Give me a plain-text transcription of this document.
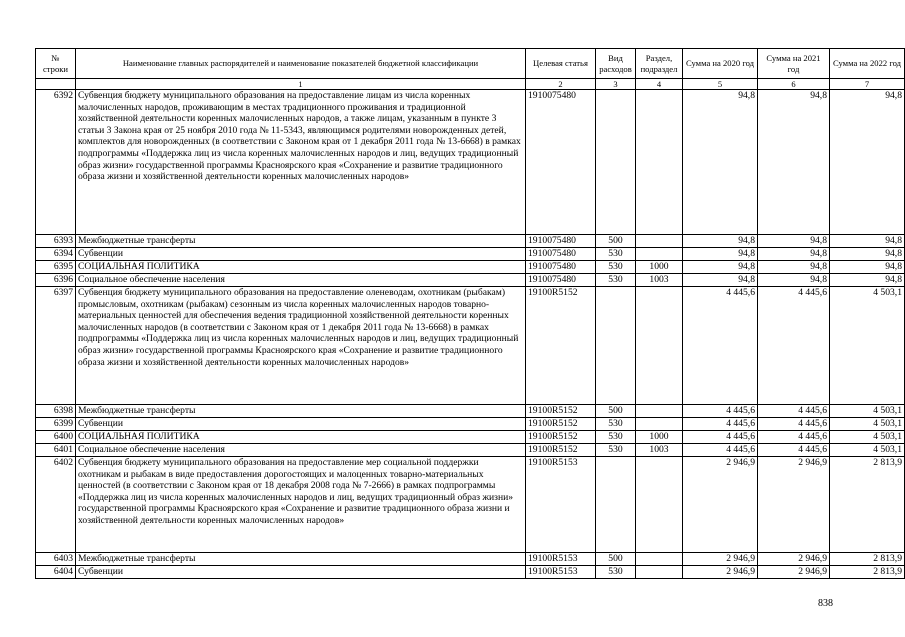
№ строки	Наименование главных распорядителей и наименование показателей бюджетной классификации	Целевая статья	Вид расходов	Раздел, подраздел	Сумма на 2020 год	Сумма на 2021 год	Сумма на 2022 год
	1	2	3	4	5	6	7
6392	Субвенция бюджету муниципального образования на предоставление лицам из числа коренных малочисленных народов, проживающим в местах традиционного проживания и традиционной хозяйственной деятельности коренных малочисленных народов, а также лицам, указанным в пункте 3 статьи 3 Закона края от 25 ноября 2010 года № 11-5343, являющимся родителями новорожденных детей, комплектов для новорожденных (в соответствии с Законом края от 1 декабря 2011 года № 13-6668) в рамках подпрограммы «Поддержка лиц из числа коренных малочисленных народов и лиц, ведущих традиционный образ жизни» государственной программы Красноярского края «Сохранение и развитие традиционного образа жизни и хозяйственной деятельности коренных малочисленных народов»	1910075480			94,8	94,8	94,8
6393	Межбюджетные трансферты	1910075480	500		94,8	94,8	94,8
6394	Субвенции	1910075480	530		94,8	94,8	94,8
6395	СОЦИАЛЬНАЯ ПОЛИТИКА	1910075480	530	1000	94,8	94,8	94,8
6396	Социальное обеспечение населения	1910075480	530	1003	94,8	94,8	94,8
6397	Субвенция бюджету муниципального образования на предоставление оленеводам, охотникам (рыбакам) промысловым, охотникам (рыбакам) сезонным из числа коренных малочисленных народов товарно-материальных ценностей для обеспечения ведения традиционной хозяйственной деятельности коренных малочисленных народов (в соответствии с Законом края от 1 декабря 2011 года № 13-6668) в рамках подпрограммы «Поддержка лиц из числа коренных малочисленных народов и лиц, ведущих традиционный образ жизни» государственной программы Красноярского края «Сохранение и развитие традиционного образа жизни и хозяйственной деятельности коренных малочисленных народов»	19100R5152			4 445,6	4 445,6	4 503,1
6398	Межбюджетные трансферты	19100R5152	500		4 445,6	4 445,6	4 503,1
6399	Субвенции	19100R5152	530		4 445,6	4 445,6	4 503,1
6400	СОЦИАЛЬНАЯ ПОЛИТИКА	19100R5152	530	1000	4 445,6	4 445,6	4 503,1
6401	Социальное обеспечение населения	19100R5152	530	1003	4 445,6	4 445,6	4 503,1
6402	Субвенция бюджету муниципального образования на предоставление мер социальной поддержки охотникам и рыбакам в виде предоставления дорогостоящих и малоценных товарно-материальных ценностей (в соответствии с Законом края от 18 декабря 2008 года № 7-2666) в рамках подпрограммы «Поддержка лиц из числа коренных малочисленных народов и лиц, ведущих традиционный образ жизни» государственной программы Красноярского края «Сохранение и развитие традиционного образа жизни и хозяйственной деятельности коренных малочисленных народов»	19100R5153			2 946,9	2 946,9	2 813,9
6403	Межбюджетные трансферты	19100R5153	500		2 946,9	2 946,9	2 813,9
6404	Субвенции	19100R5153	530		2 946,9	2 946,9	2 813,9
838
